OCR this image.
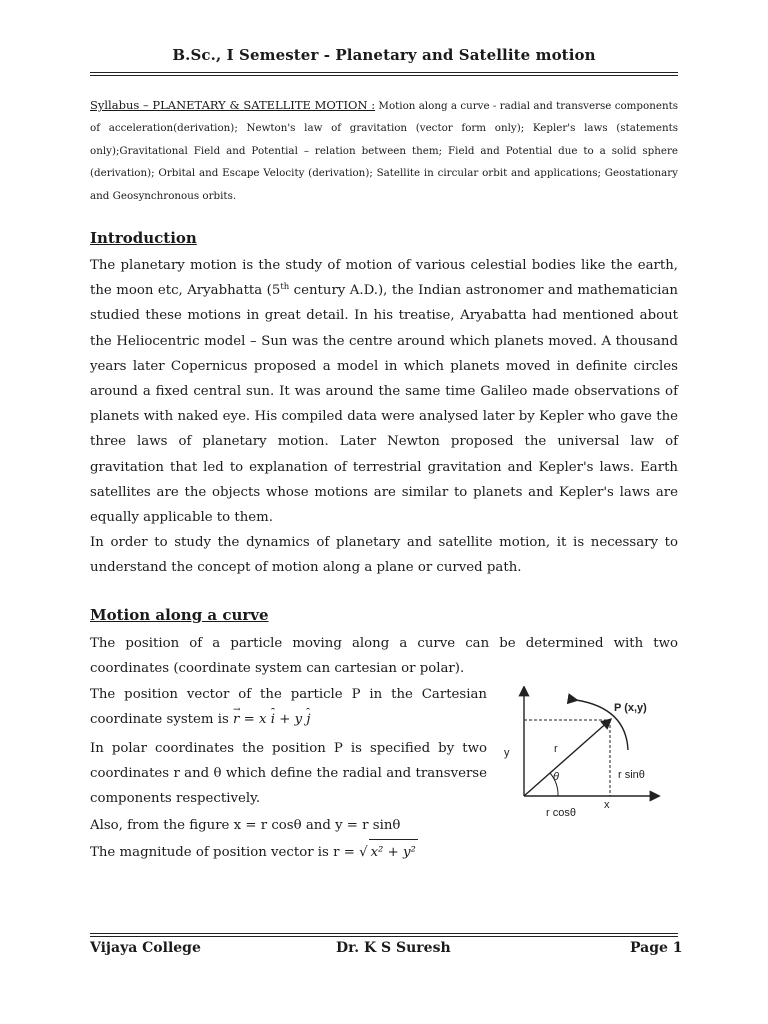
B.Sc., I Semester - Planetary and Satellite motion
Syllabus – PLANETARY & SATELLITE MOTION : Motion along a curve - radial and transverse components of acceleration(derivation); Newton's law of gravitation (vector form only); Kepler's laws (statements only);Gravitational Field and Potential – relation between them; Field and Potential due to a solid sphere (derivation); Orbital and Escape Velocity (derivation); Satellite in circular orbit and applications; Geostationary and Geosynchronous orbits.
Introduction
The planetary motion is the study of motion of various celestial bodies like the earth, the moon etc, Aryabhatta (5th century A.D.), the Indian astronomer and mathematician studied these motions in great detail. In his treatise, Aryabatta had mentioned about the Heliocentric model – Sun was the centre around which planets moved. A thousand years later Copernicus proposed a model in which planets moved in definite circles around a fixed central sun. It was around the same time Galileo made observations of planets with naked eye. His compiled data were analysed later by Kepler who gave the three laws of planetary motion. Later Newton proposed the universal law of gravitation that led to explanation of terrestrial gravitation and Kepler's laws. Earth satellites are the objects whose motions are similar to planets and Kepler's laws are equally applicable to them.
In order to study the dynamics of planetary and satellite motion, it is necessary to understand the concept of motion along a plane or curved path.
Motion along a curve
The position of a particle moving along a curve can be determined with two coordinates (coordinate system can cartesian or polar).
The position vector of the particle P in the Cartesian coordinate system is → r = x i + y j
In polar coordinates the position P is specified by two coordinates r and θ which define the radial and transverse components respectively.
Also, from the figure x = r cosθ and y = r sinθ
The magnitude of position vector is r = √ x² + y²
P (x,y)
y	r
θ	r sinθ
x
r cosθ
Vijaya College	Dr. K S Suresh	Page 1
